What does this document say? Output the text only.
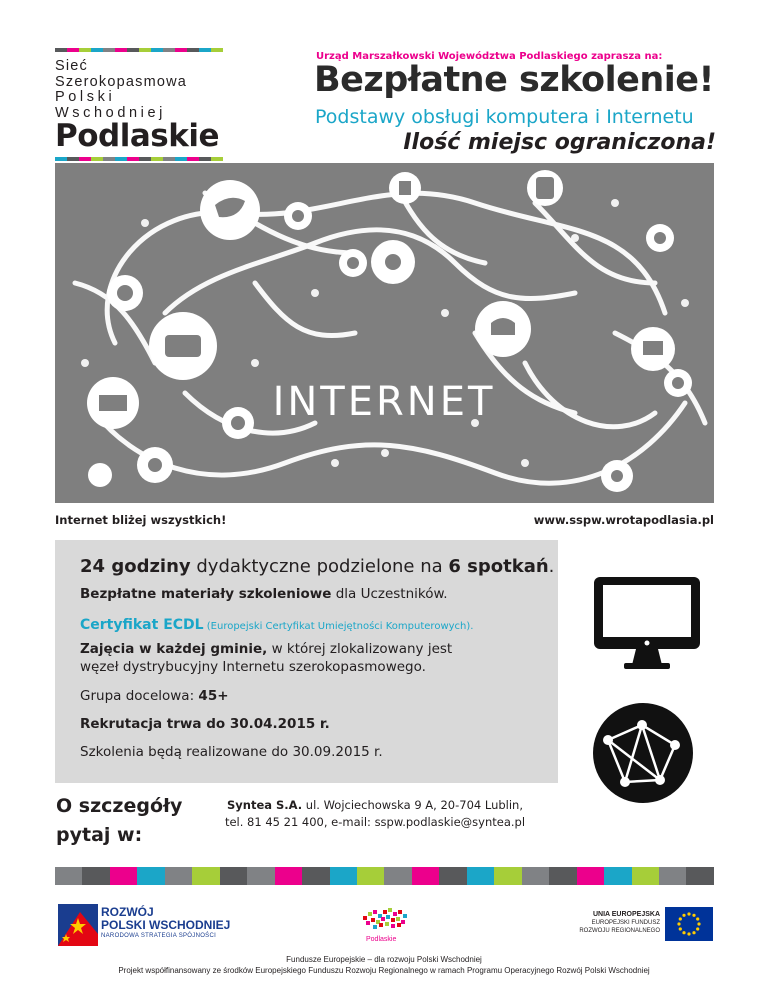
Sieć Szerokopasmowa
Polski Wschodniej
Podlaskie
Urząd Marszałkowski Województwa Podlaskiego zaprasza na:
Bezpłatne szkolenie!
Podstawy obsługi komputera i Internetu
Ilość miejsc ograniczona!
INTERNET
Internet bliżej wszystkich!	www.sspw.wrotapodlasia.pl
24 godziny dydaktyczne podzielone na 6 spotkań.
Bezpłatne materiały szkoleniowe dla Uczestników.
Certyfikat ECDL (Europejski Certyfikat Umiejętności Komputerowych).
Zajęcia w każdej gminie, w której zlokalizowany jest
węzeł dystrybucyjny Internetu szerokopasmowego.
Grupa docelowa: 45+
Rekrutacja trwa do 30.04.2015 r.
Szkolenia będą realizowane do 30.09.2015 r.
O szczegóły
pytaj w:
Syntea S.A. ul. Wojciechowska 9 A, 20-704 Lublin,
tel. 81 45 21 400, e-mail: sspw.podlaskie@syntea.pl
ROZWÓJ
POLSKI WSCHODNIEJ
NARODOWA STRATEGIA SPÓJNOŚCI	Podlaskie
UNIA EUROPEJSKA
EUROPEJSKI FUNDUSZ
ROZWOJU REGIONALNEGO
Fundusze Europejskie – dla rozwoju Polski Wschodniej
Projekt współfinansowany ze środków Europejskiego Funduszu Rozwoju Regionalnego w ramach Programu Operacyjnego Rozwój Polski Wschodniej
